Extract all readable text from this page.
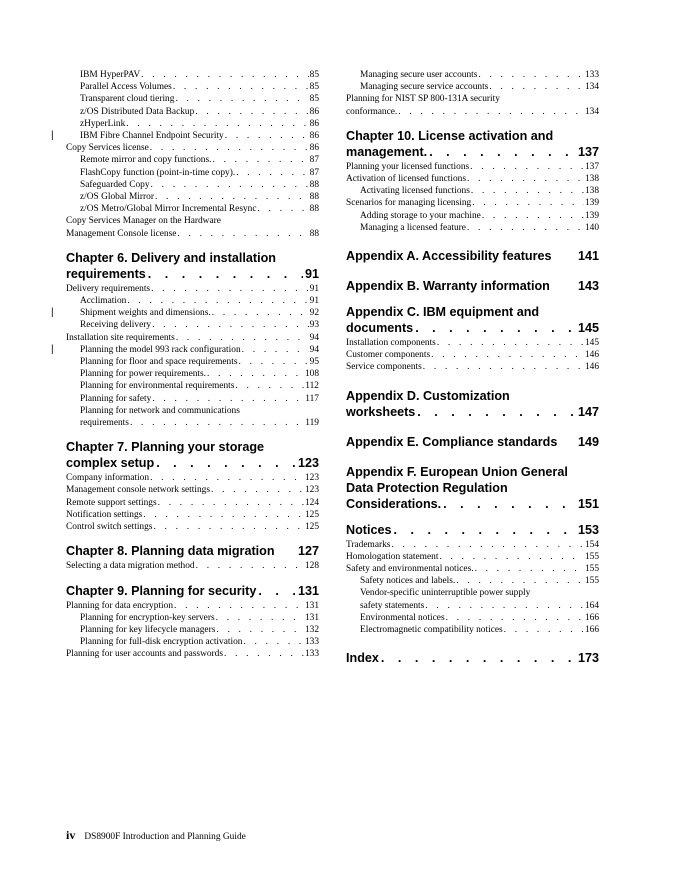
IBM HyperPAV . . .	85
Parallel Access Volumes . . .	85
Transparent cloud tiering . . .	85
z/OS Distributed Data Backup . . .	86
zHyperLink . . .	86
|	IBM Fibre Channel Endpoint Security . . .	86
Copy Services license . . .	86
Remote mirror and copy functions. . . .	87
FlashCopy function (point-in-time copy). . . .	87
Safeguarded Copy . . .	88
z/OS Global Mirror . . .	88
z/OS Metro/Global Mirror Incremental Resync . . .	88
Copy Services Manager on the Hardware
Management Console license . . .	88
Chapter 6. Delivery and installation
requirements . . .	91
Delivery requirements . . .	91
Acclimation . . .	91
|	Shipment weights and dimensions. . . .	92
Receiving delivery . . .	93
Installation site requirements . . .	94
|	Planning the model 993 rack configuration . . .	94
Planning for floor and space requirements . . .	95
Planning for power requirements. . . .	108
Planning for environmental requirements . . .	112
Planning for safety . . .	117
Planning for network and communications
requirements . . .	119
Chapter 7. Planning your storage
complex setup . . .	123
Company information . . .	123
Management console network settings . . .	123
Remote support settings . . .	124
Notification settings . . .	125
Control switch settings . . .	125
Chapter 8. Planning data migration 127
Selecting a data migration method . . .	128
Chapter 9. Planning for security . . .	131
Planning for data encryption . . .	131
Planning for encryption-key servers . . .	131
Planning for key lifecycle managers . . .	132
Planning for full-disk encryption activation . . .	133
Planning for user accounts and passwords . . .	133
Managing secure user accounts . . .	133
Managing secure service accounts . . .	134
Planning for NIST SP 800-131A security
conformance. . . .	134
Chapter 10. License activation and
management. . . .	137
Planning your licensed functions . . .	137
Activation of licensed functions . . .	138
Activating licensed functions . . .	138
Scenarios for managing licensing . . .	139
Adding storage to your machine . . .	139
Managing a licensed feature . . .	140
Appendix A. Accessibility features 141
Appendix B. Warranty information 143
Appendix C. IBM equipment and
documents . . .	145
Installation components . . .	145
Customer components . . .	146
Service components . . .	146
Appendix D. Customization
worksheets . . .	147
Appendix E. Compliance standards 149
Appendix F. European Union General
Data Protection Regulation
Considerations. . . .	151
Notices . . .	153
Trademarks . . .	154
Homologation statement . . .	155
Safety and environmental notices. . . .	155
Safety notices and labels. . . .	155
Vendor-specific uninterruptible power supply
safety statements . . .	164
Environmental notices . . .	166
Electromagnetic compatibility notices . . .	166
Index . . .	173
iv DS8900F Introduction and Planning Guide
